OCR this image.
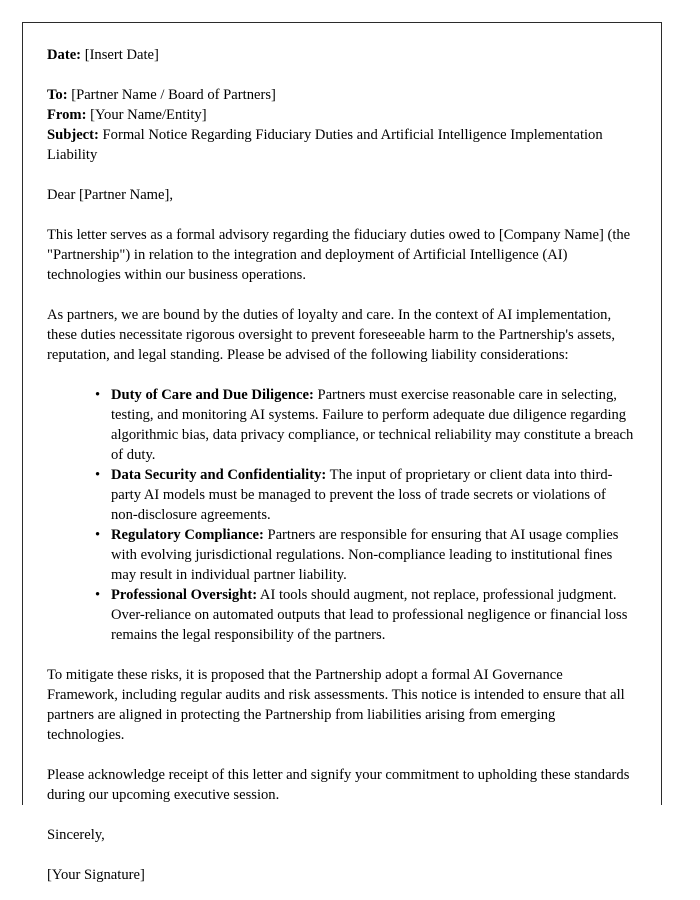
Date: [Insert Date]
To: [Partner Name / Board of Partners]
From: [Your Name/Entity]
Subject: Formal Notice Regarding Fiduciary Duties and Artificial Intelligence Implementation Liability

Dear [Partner Name],

This letter serves as a formal advisory regarding the fiduciary duties owed to [Company Name] (the "Partnership") in relation to the integration and deployment of Artificial Intelligence (AI) technologies within our business operations.

As partners, we are bound by the duties of loyalty and care. In the context of AI implementation, these duties necessitate rigorous oversight to prevent foreseeable harm to the Partnership's assets, reputation, and legal standing. Please be advised of the following liability considerations:

• Duty of Care and Due Diligence: Partners must exercise reasonable care in selecting, testing, and monitoring AI systems. Failure to perform adequate due diligence regarding algorithmic bias, data privacy compliance, or technical reliability may constitute a breach of duty.
• Data Security and Confidentiality: The input of proprietary or client data into third-party AI models must be managed to prevent the loss of trade secrets or violations of non-disclosure agreements.
• Regulatory Compliance: Partners are responsible for ensuring that AI usage complies with evolving jurisdictional regulations. Non-compliance leading to institutional fines may result in individual partner liability.
• Professional Oversight: AI tools should augment, not replace, professional judgment. Over-reliance on automated outputs that lead to professional negligence or financial loss remains the legal responsibility of the partners.

To mitigate these risks, it is proposed that the Partnership adopt a formal AI Governance Framework, including regular audits and risk assessments. This notice is intended to ensure that all partners are aligned in protecting the Partnership from liabilities arising from emerging technologies.

Please acknowledge receipt of this letter and signify your commitment to upholding these standards during our upcoming executive session.

Sincerely,

[Your Signature]
